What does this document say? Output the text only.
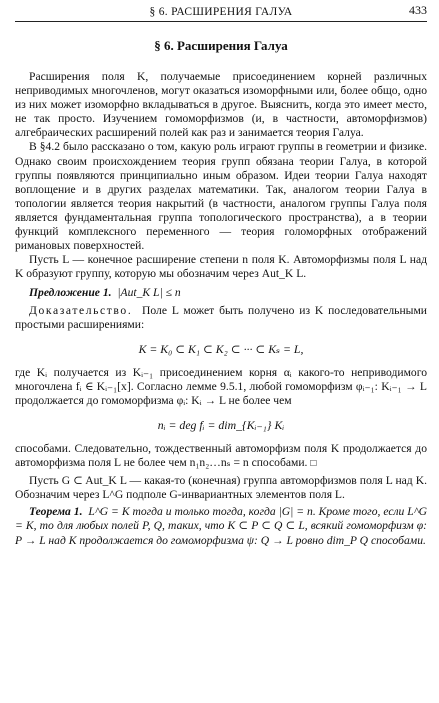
§ 6. РАСШИРЕНИЯ ГАЛУА	433
§ 6. Расширения Галуа

Расширения поля K, получаемые присоединением корней различных неприводимых многочленов, могут оказаться изоморфными или, более общо, одно из них может изоморфно вкладываться в другое. Выяснить, когда это имеет место, не так просто. Изучением гомоморфизмов (и, в частности, автоморфизмов) алгебраических расширений полей как раз и занимается теория Галуа.

В §4.2 было рассказано о том, какую роль играют группы в геометрии и физике. Однако своим происхождением теория групп обязана теории Галуа, в которой группы появляются принципиально иным образом. Идеи теории Галуа находят воплощение и в других разделах математики. Так, аналогом теории Галуа в топологии является теория накрытий (в частности, аналогом группы Галуа поля является фундаментальная группа топологического пространства), а в теории функций комплексного переменного — теория голоморфных отображений римановых поверхностей.

Пусть L — конечное расширение степени n поля K. Автоморфизмы поля L над K образуют группу, которую мы обозначим через Aut_K L.

Предложение 1. |Aut_K L| ≤ n

Доказательство. Поле L может быть получено из K последовательными простыми расширениями:

K = K₀ ⊂ K₁ ⊂ K₂ ⊂ ··· ⊂ Kₛ = L,

где Kᵢ получается из Kᵢ₋₁ присоединением корня αᵢ какого-то неприводимого многочлена fᵢ ∈ Kᵢ₋₁[x]. Согласно лемме 9.5.1, любой гомоморфизм φᵢ₋₁: Kᵢ₋₁ → L продолжается до гомоморфизма φᵢ: Kᵢ → L не более чем

nᵢ = deg fᵢ = dim_{Kᵢ₋₁} Kᵢ

способами. Следовательно, тождественный автоморфизм поля K продолжается до автоморфизма поля L не более чем n₁n₂…nₛ = n способами. □

Пусть G ⊂ Aut_K L — какая-то (конечная) группа автоморфизмов поля L над K. Обозначим через L^G подполе G-инвариантных элементов поля L.

Теорема 1. L^G = K тогда и только тогда, когда |G| = n. Кроме того, если L^G = K, то для любых полей P, Q, таких, что K ⊂ P ⊂ Q ⊂ L, всякий гомоморфизм φ: P → L над K продолжается до гомоморфизма ψ: Q → L ровно dim_P Q способами.
